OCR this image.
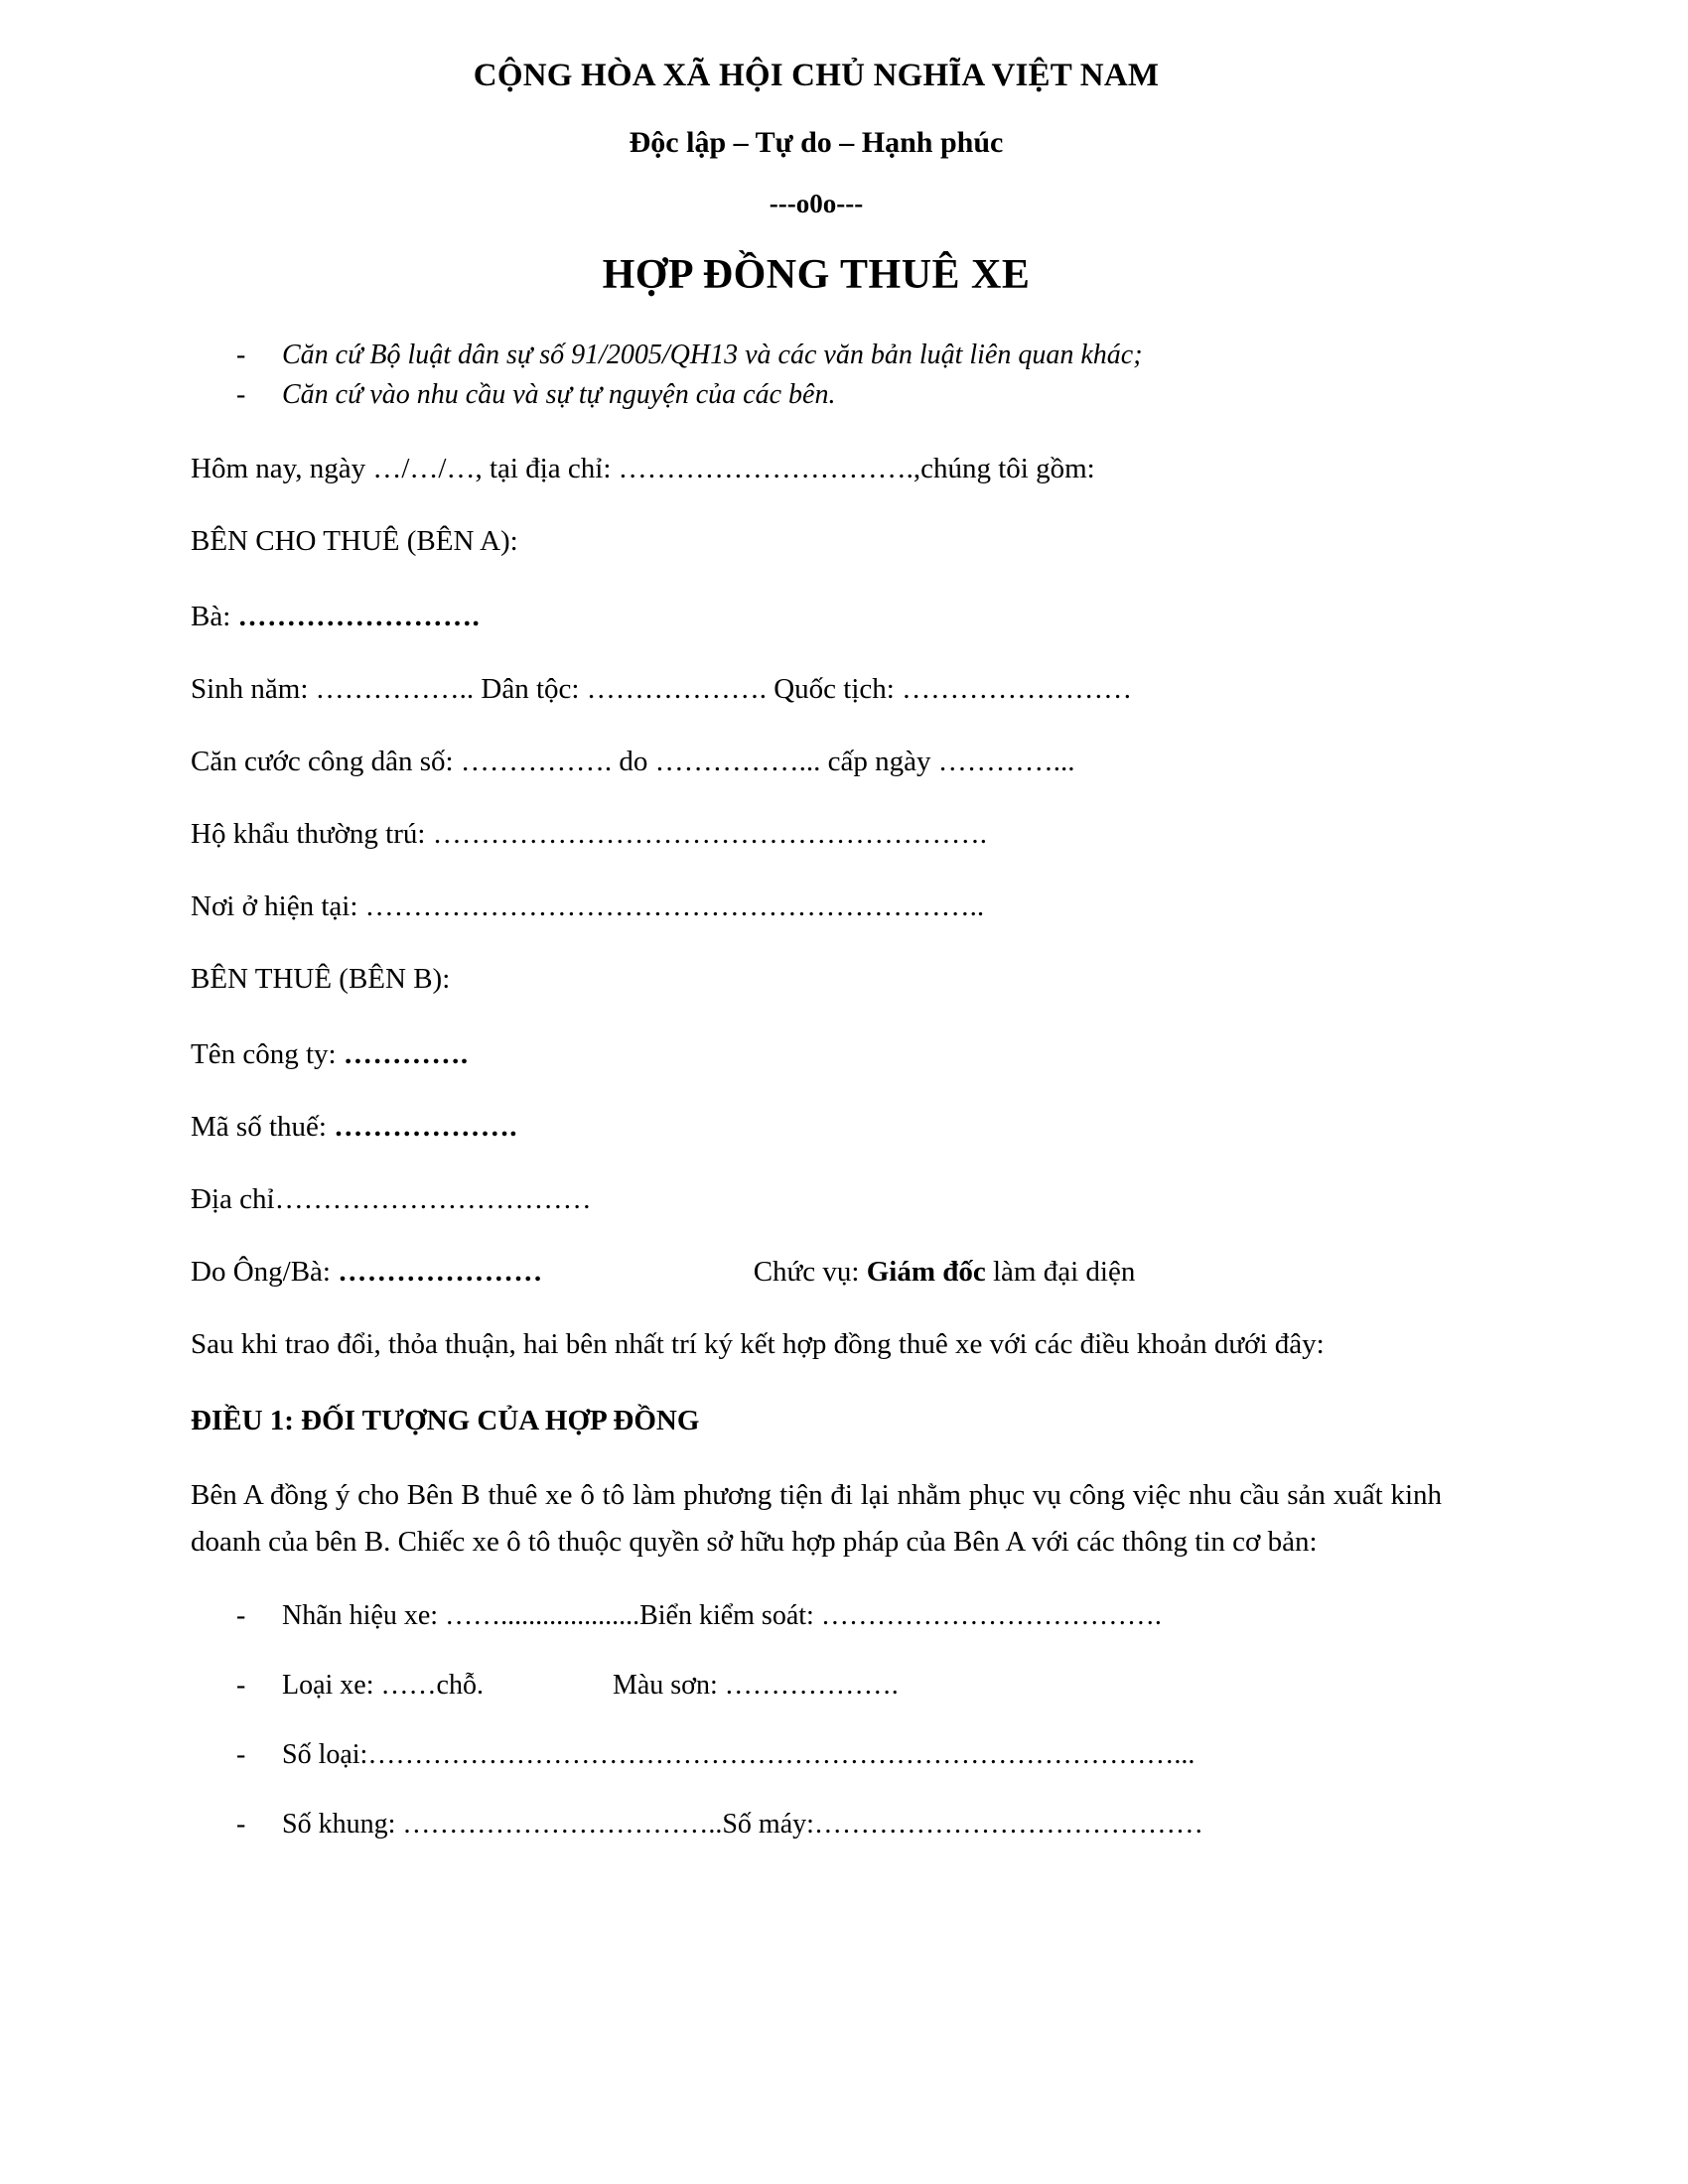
CỘNG HÒA XÃ HỘI CHỦ NGHĨA VIỆT NAM
Độc lập – Tự do – Hạnh phúc
---o0o---
HỢP ĐỒNG THUÊ XE
-	Căn cứ Bộ luật dân sự số 91/2005/QH13 và các văn bản luật liên quan khác;
-	Căn cứ vào nhu cầu và sự tự nguyện của các bên.

Hôm nay, ngày …/…/…, tại địa chỉ: ………………………….,chúng tôi gồm:

BÊN CHO THUÊ (BÊN A):

Bà: …………………….

Sinh năm: …………….. Dân tộc: ………………. Quốc tịch: ……………………

Căn cước công dân số: ……………. do ……………... cấp ngày …………...

Hộ khẩu thường trú: ………………………………………………….

Nơi ở hiện tại: ………………………………………………………..

BÊN THUÊ (BÊN B):

Tên công ty: ………….

Mã số thuế: ……………….

Địa chỉ……………………………

Do Ông/Bà: …………………	Chức vụ: Giám đốc làm đại diện

Sau khi trao đổi, thỏa thuận, hai bên nhất trí ký kết hợp đồng thuê xe với các điều khoản dưới đây:

ĐIỀU 1: ĐỐI TƯỢNG CỦA HỢP ĐỒNG

Bên A đồng ý cho Bên B thuê xe ô tô làm phương tiện đi lại nhằm phục vụ công việc nhu cầu sản xuất kinh doanh của bên B. Chiếc xe ô tô thuộc quyền sở hữu hợp pháp của Bên A với các thông tin cơ bản:

-	Nhãn hiệu xe: ……....................Biển kiểm soát: ……………………………….
-	Loại xe: ……chỗ.	Màu sơn: ……………….
-	Số loại:……………………………………………………………………………...
-	Số khung: ……………………………..Số máy:……………………………………
